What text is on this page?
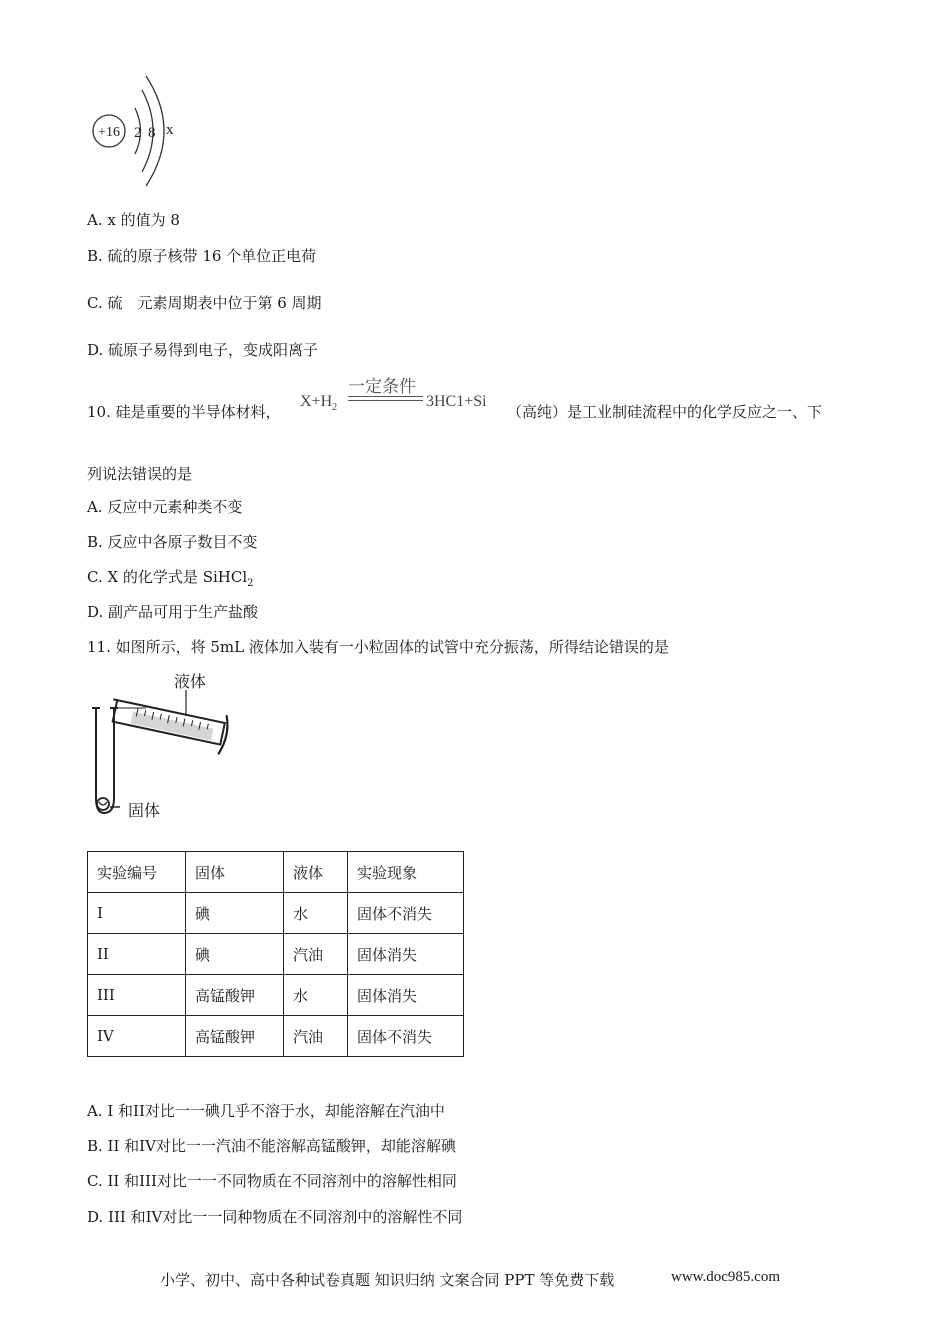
+16 2 8 x
A. x 的值为 8
B. 硫的原子核带 16 个单位正电荷
C. 硫　元素周期表中位于第 6 周期
D. 硫原子易得到电子，变成阳离子
10. 硅是重要的半导体材料，
$X+H_2$
一定条件
3HC1+Si
（高纯）是工业制硅流程中的化学反应之一、下
列说法错误的是
A. 反应中元素种类不变
B. 反应中各原子数目不变
C. X 的化学式是 SiHCl$_2$
D. 副产品可用于生产盐酸
11. 如图所示，将 5mL 液体加入装有一小粒固体的试管中充分振荡，所得结论错误的是
液体
固体
实验编号	固体	液体	实验现象
I	碘	水	固体不消失
II	碘	汽油	固体消失
III	高锰酸钾	水	固体消失
IV	高锰酸钾	汽油	固体不消失
A. I 和II对比一一碘几乎不溶于水，却能溶解在汽油中
B. II 和IV对比一一汽油不能溶解高锰酸钾，却能溶解碘
C. II 和III对比一一不同物质在不同溶剂中的溶解性相同
D. III 和IV对比一一同种物质在不同溶剂中的溶解性不同
小学、初中、高中各种试卷真题 知识归纳 文案合同 PPT 等免费下载	www.doc985.com
